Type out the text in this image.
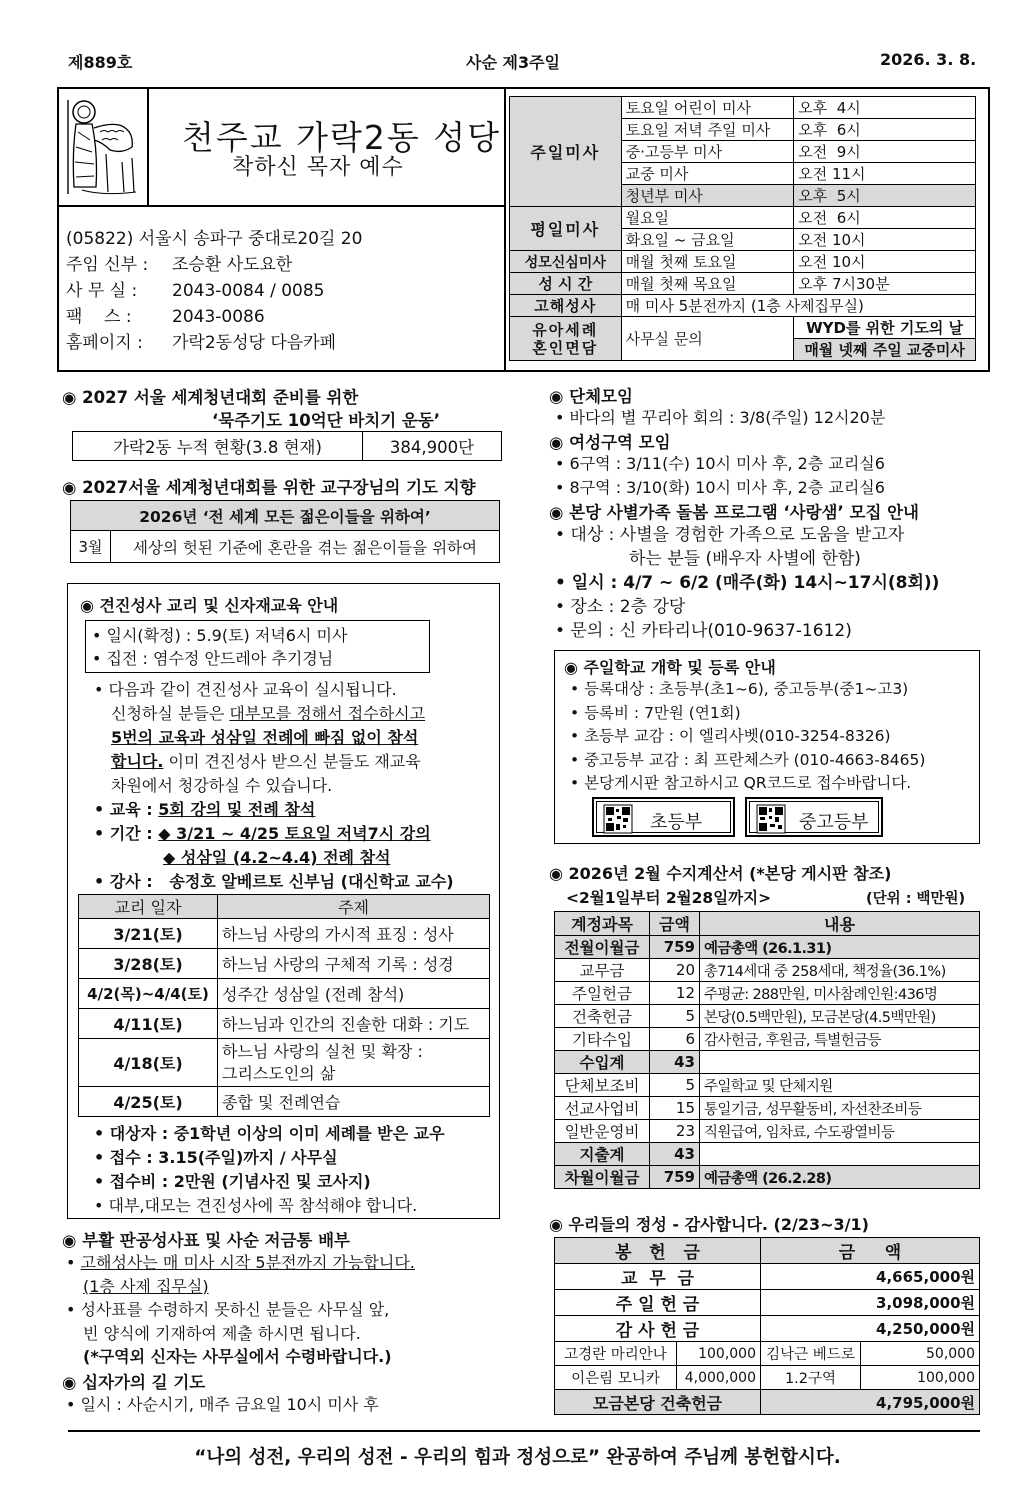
제889호	사순 제3주일	2026. 3. 8.
천주교 가락2동 성당
착하신 목자 예수
(05822) 서울시 송파구 중대로20길 20
주임 신부 : 조승환 사도요한
사 무 실 : 2043-0084 / 0085
팩    스 : 2043-0086
홈페이지 : 가락2동성당 다음카페
주일미사	토요일 어린이 미사	오후  4시
	토요일 저녁 주일 미사	오후  6시
	중·고등부 미사	오전  9시
	교중 미사	오전 11시
	청년부 미사	오후  5시
평일미사	월요일	오전  6시
	화요일 ~ 금요일	오전 10시
성모신심미사	매월 첫째 토요일	오전 10시
성 시 간	매월 첫째 목요일	오후 7시30분
고해성사	매 미사 5분전까지 (1층 사제집무실)	

유아세례
혼인면담	사무실 문의	WYD를 위한 기도의 날
		매월 넷째 주일 교중미사
◉ 2027 서울 세계청년대회 준비를 위한
‘묵주기도 10억단 바치기 운동’
가락2동 누적 현황(3.8 현재)	384,900단
◉ 2027서울 세계청년대회를 위한 교구장님의 기도 지향
2026년 ‘전 세계 모든 젊은이들을 위하여’
3월	세상의 헛된 기준에 혼란을 겪는 젊은이들을 위하여
◉ 견진성사 교리 및 신자재교육 안내
• 일시(확정) : 5.9(토) 저녁6시 미사
• 집전 : 염수정 안드레아 추기경님
• 다음과 같이 견진성사 교육이 실시됩니다.
신청하실 분들은 대부모를 정해서 접수하시고
5번의 교육과 성삼일 전례에 빠짐 없이 참석
합니다. 이미 견진성사 받으신 분들도 재교육
차원에서 청강하실 수 있습니다.
• 교육 : 5회 강의 및 전례 참석
• 기간 : ◆ 3/21 ~ 4/25 토요일 저녁7시 강의
◆ 성삼일 (4.2~4.4) 전례 참석
• 강사 :   송정호 알베르토 신부님 (대신학교 교수)
교리 일자	주제
3/21(토)	하느님 사랑의 가시적 표징 : 성사
3/28(토)	하느님 사랑의 구체적 기록 : 성경
4/2(목)~4/4(토)	성주간 성삼일 (전례 참석)
4/11(토)	하느님과 인간의 진솔한 대화 : 기도
4/18(토)	하느님 사랑의 실천 및 확장 :
그리스도인의 삶

4/25(토)	종합 및 전례연습
• 대상자 : 중1학년 이상의 이미 세례를 받은 교우
• 접수 : 3.15(주일)까지 / 사무실
• 접수비 : 2만원 (기념사진 및 코사지)
• 대부,대모는 견진성사에 꼭 참석해야 합니다.
◉ 부활 판공성사표 및 사순 저금통 배부
• 고해성사는 매 미사 시작 5분전까지 가능합니다.
(1층 사제 집무실)
• 성사표를 수령하지 못하신 분들은 사무실 앞,
빈 양식에 기재하여 제출 하시면 됩니다.
(*구역외 신자는 사무실에서 수령바랍니다.)
◉ 십자가의 길 기도
• 일시 : 사순시기, 매주 금요일 10시 미사 후
◉ 단체모임
• 바다의 별 꾸리아 회의 : 3/8(주일) 12시20분
◉ 여성구역 모임
• 6구역 : 3/11(수) 10시 미사 후, 2층 교리실6
• 8구역 : 3/10(화) 10시 미사 후, 2층 교리실6
◉ 본당 사별가족 돌봄 프로그램 ‘사랑샘’ 모집 안내
• 대상 : 사별을 경험한 가족으로 도움을 받고자
하는 분들 (배우자 사별에 한함)
• 일시 : 4/7 ~ 6/2 (매주(화) 14시~17시(8회))
• 장소 : 2층 강당
• 문의 : 신 카타리나(010-9637-1612)
◉ 주일학교 개학 및 등록 안내
• 등록대상 : 초등부(초1~6), 중고등부(중1~고3)
• 등록비 : 7만원 (연1회)
• 초등부 교감 : 이 엘리사벳(010-3254-8326)
• 중고등부 교감 : 최 프란체스카 (010-4663-8465)
• 본당게시판 참고하시고 QR코드로 접수바랍니다.
초등부	중고등부
◉ 2026년 2월 수지계산서 (*본당 게시판 참조)
<2월1일부터 2월28일까지>	(단위 : 백만원)
계정과목	금액	내용
전월이월금	759	예금총액 (26.1.31)
교무금	20	총714세대 중 258세대, 책정율(36.1%)
주일헌금	12	주평균: 288만원, 미사참례인원:436명
건축헌금	5	본당(0.5백만원), 모금본당(4.5백만원)
기타수입	6	감사헌금, 후원금, 특별헌금등
수입계	43	
단체보조비	5	주일학교 및 단체지원
선교사업비	15	통일기금, 성무활동비, 자선찬조비등
일반운영비	23	직원급여, 임차료, 수도광열비등
지출계	43	
차월이월금	759	예금총액 (26.2.28)
◉ 우리들의 정성 - 감사합니다. (2/23~3/1)
봉   헌   금		금     액	
교  무  금		4,665,000원	
주 일 헌 금		3,098,000원	
감 사 헌 금		4,250,000원	
고경란 마리안나	100,000	김낙근 베드로	50,000
이은림 모니카	4,000,000	1.2구역	100,000
모금본당 건축헌금		4,795,000원	
“나의 성전, 우리의 성전 - 우리의 힘과 정성으로” 완공하여 주님께 봉헌합시다.
